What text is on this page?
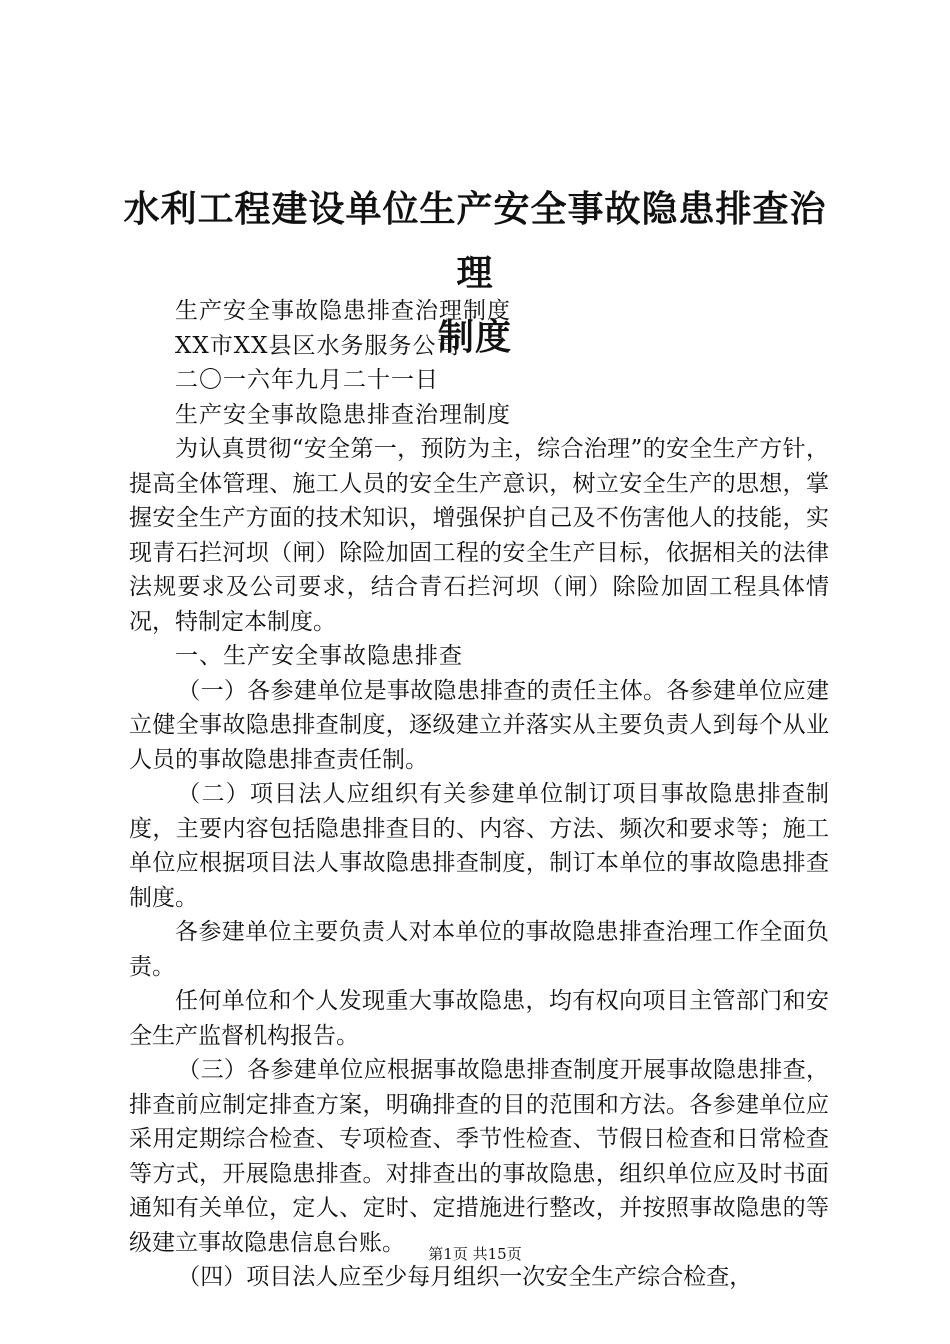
水利工程建设单位生产安全事故隐患排查治理
制度

生产安全事故隐患排查治理制度

XX市XX县区水务服务公司

二〇一六年九月二十一日

生产安全事故隐患排查治理制度

为认真贯彻“安全第一，预防为主，综合治理”的安全生产方针，提高全体管理、施工人员的安全生产意识，树立安全生产的思想，掌握安全生产方面的技术知识，增强保护自己及不伤害他人的技能，实现青石拦河坝（闸）除险加固工程的安全生产目标，依据相关的法律法规要求及公司要求，结合青石拦河坝（闸）除险加固工程具体情况，特制定本制度。

一、生产安全事故隐患排查

（一）各参建单位是事故隐患排查的责任主体。各参建单位应建立健全事故隐患排查制度，逐级建立并落实从主要负责人到每个从业人员的事故隐患排查责任制。

（二）项目法人应组织有关参建单位制订项目事故隐患排查制度，主要内容包括隐患排查目的、内容、方法、频次和要求等；施工单位应根据项目法人事故隐患排查制度，制订本单位的事故隐患排查制度。

各参建单位主要负责人对本单位的事故隐患排查治理工作全面负责。

任何单位和个人发现重大事故隐患，均有权向项目主管部门和安全生产监督机构报告。

（三）各参建单位应根据事故隐患排查制度开展事故隐患排查，排查前应制定排查方案，明确排查的目的范围和方法。各参建单位应采用定期综合检查、专项检查、季节性检查、节假日检查和日常检查等方式，开展隐患排查。对排查出的事故隐患，组织单位应及时书面通知有关单位，定人、定时、定措施进行整改，并按照事故隐患的等级建立事故隐患信息台账。

（四）项目法人应至少每月组织一次安全生产综合检查，

第1页 共15页
